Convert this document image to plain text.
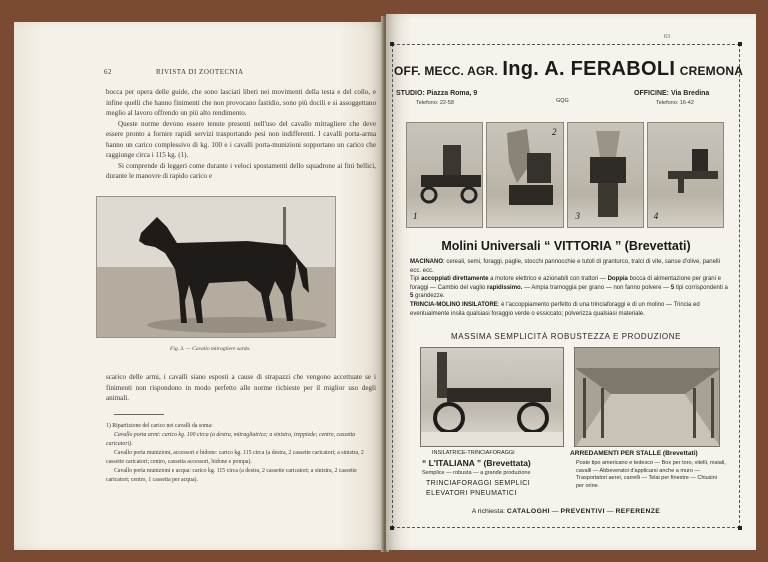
62	RIVISTA DI ZOOTECNIA

bocca per opera delle guide, che sono lasciati liberi nei movimenti della testa e del collo, e infine quelli che hanno finimenti che non provocano fastidio, sono più docili e si assoggettano meglio al lavoro offrendo un più alto rendimento.

Queste norme devono essere tenute presenti nell'uso del cavallo mitragliere che deve essere pronto a fornire rapidi servizi trasportando pesi non indifferenti. I cavalli porta-arma hanno un carico complessivo di kg. 100 e i cavalli porta-munizioni sopportano un carico che raggiunge circa i 115 kg. (1).

Si comprende di leggeri come durante i veloci spostamenti dello squadrone ai fini bellici, durante le manovre di rapido carico e

Fig. 3. — Cavallo mitragliere sardo.
scarico delle armi, i cavalli siano esposti a cause di strapazzi che vengono accettuate se i finimenti non rispondono in modo perfetto alle norme richieste per il miglior uso degli animali.
1) Ripartizione del carico nei cavalli da soma:
Cavallo porta armi: carico kg. 100 circa (a destra, mitragliatrice; a sinistra, treppiede; centro, cassetta caricatori).
Cavallo porta munizioni, accessori e bidone: carico kg. 115 circa (a destra, 2 cassette caricatori; a sinistra, 2 cassette caricatori; centro, cassetta accessori, bidone e pompa).
Cavallo porta munizioni e acqua: carico kg. 115 circa (a destra, 2 cassette caricatori; a sinistra, 2 cassette caricatori; centro, 1 cassetta per acqua).
63
OFF. MECC. AGR. Ing. A. FERABOLI CREMONA
STUDIO: Piazza Roma, 9
Telefono: 22-58	GQG
OFFICINE: Via Bredina
Telefono: 16-42
1
2
3	4
Molini Universali “ VITTORIA ” (Brevettati)
MACINANO: cereali, semi, foraggi, paglie, stocchi pannocchie e tutoli di granturco, tralci di vite, sanse d'olive, panelli ecc. ecc.
Tipi accoppiati direttamente a motore elettrico e azionabili con trattori — Doppia bocca di alimentazione per grani e foraggi — Cambio del vaglio rapidissimo. — Ampia tramoggia per grano — non fanno polvere — 5 tipi corrispondenti a 5 grandezze.
TRINCIA-MOLINO INSILATORE: è l'accoppiamento perfetto di una trinciaforaggi e di un molino — Trincia ed eventualmente insila qualsiasi foraggio verde o essiccato; polverizza qualsiasi materiale.
MASSIMA SEMPLICITÀ ROBUSTEZZA E PRODUZIONE
INSILATRICE-TRINCIAFORAGGI
“ L'ITALIANA ” (Brevettata)
Semplice — robusta — a grande produzione
TRINCIAFORAGGI SEMPLICI
ELEVATORI PNEUMATICI
ARREDAMENTI PER STALLE (Brevettati)
Poste tipo americano e tedesco — Box per toro, vitelli, maiali, cavalli — Abbeveratoi d'applicarsi anche a muro — Trasportatori aerei, carrelli — Telai per finestre — Chiusini per orine.
A richiesta: CATALOGHI — PREVENTIVI — REFERENZE
